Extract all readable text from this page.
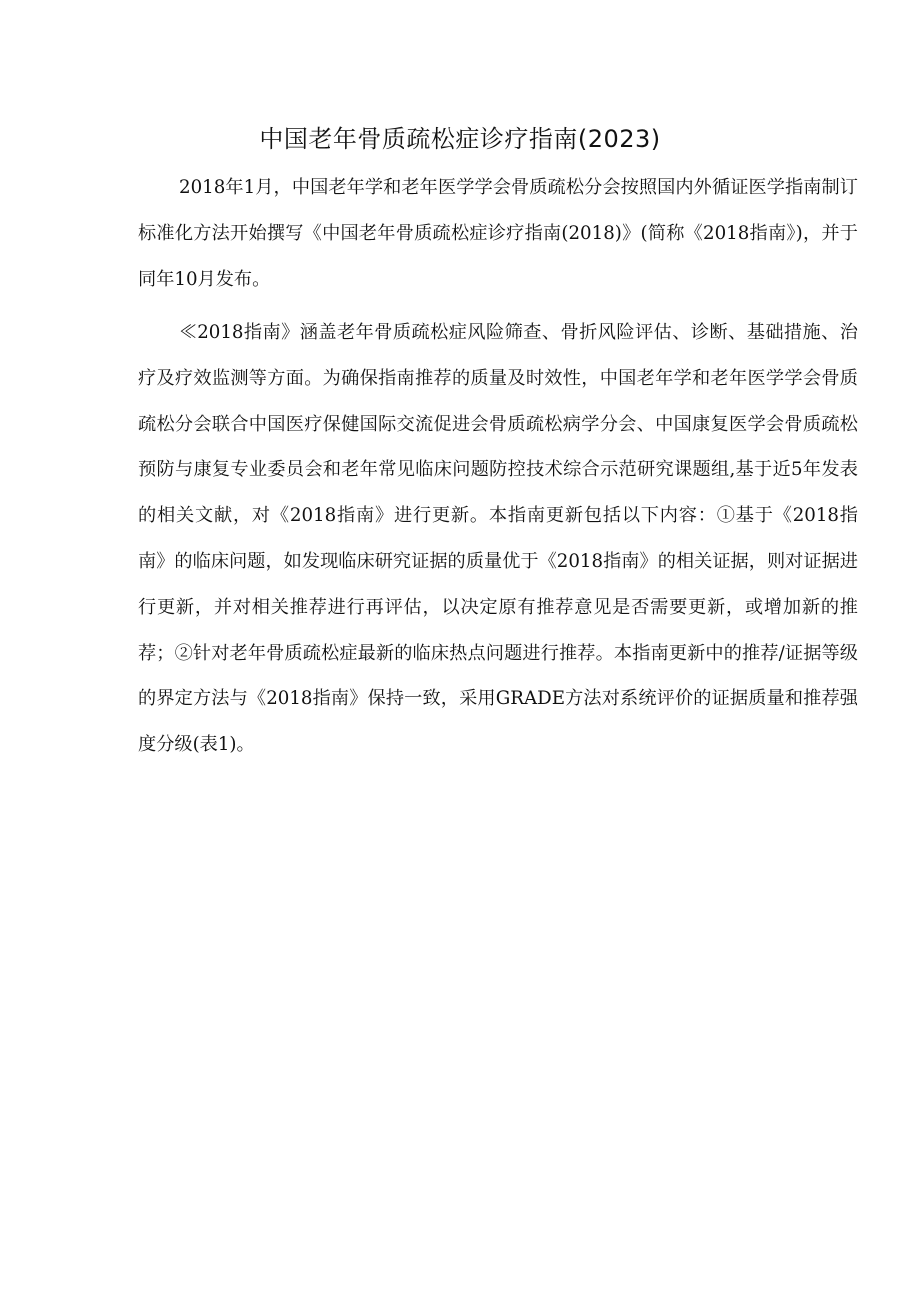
中国老年骨质疏松症诊疗指南(2023)

2018年1月，中国老年学和老年医学学会骨质疏松分会按照国内外循证医学指南制订标准化方法开始撰写《中国老年骨质疏松症诊疗指南(2018)》(简称《2018指南》)，并于同年10月发布。

≪2018指南》涵盖老年骨质疏松症风险筛查、骨折风险评估、诊断、基础措施、治疗及疗效监测等方面。为确保指南推荐的质量及时效性，中国老年学和老年医学学会骨质疏松分会联合中国医疗保健国际交流促进会骨质疏松病学分会、中国康复医学会骨质疏松预防与康复专业委员会和老年常见临床问题防控技术综合示范研究课题组,基于近5年发表的相关文献，对《2018指南》进行更新。本指南更新包括以下内容：①基于《2018指南》的临床问题，如发现临床研究证据的质量优于《2018指南》的相关证据，则对证据进行更新，并对相关推荐进行再评估，以决定原有推荐意见是否需要更新，或增加新的推荐；②针对老年骨质疏松症最新的临床热点问题进行推荐。本指南更新中的推荐/证据等级的界定方法与《2018指南》保持一致，采用GRADE方法对系统评价的证据质量和推荐强度分级(表1)。
